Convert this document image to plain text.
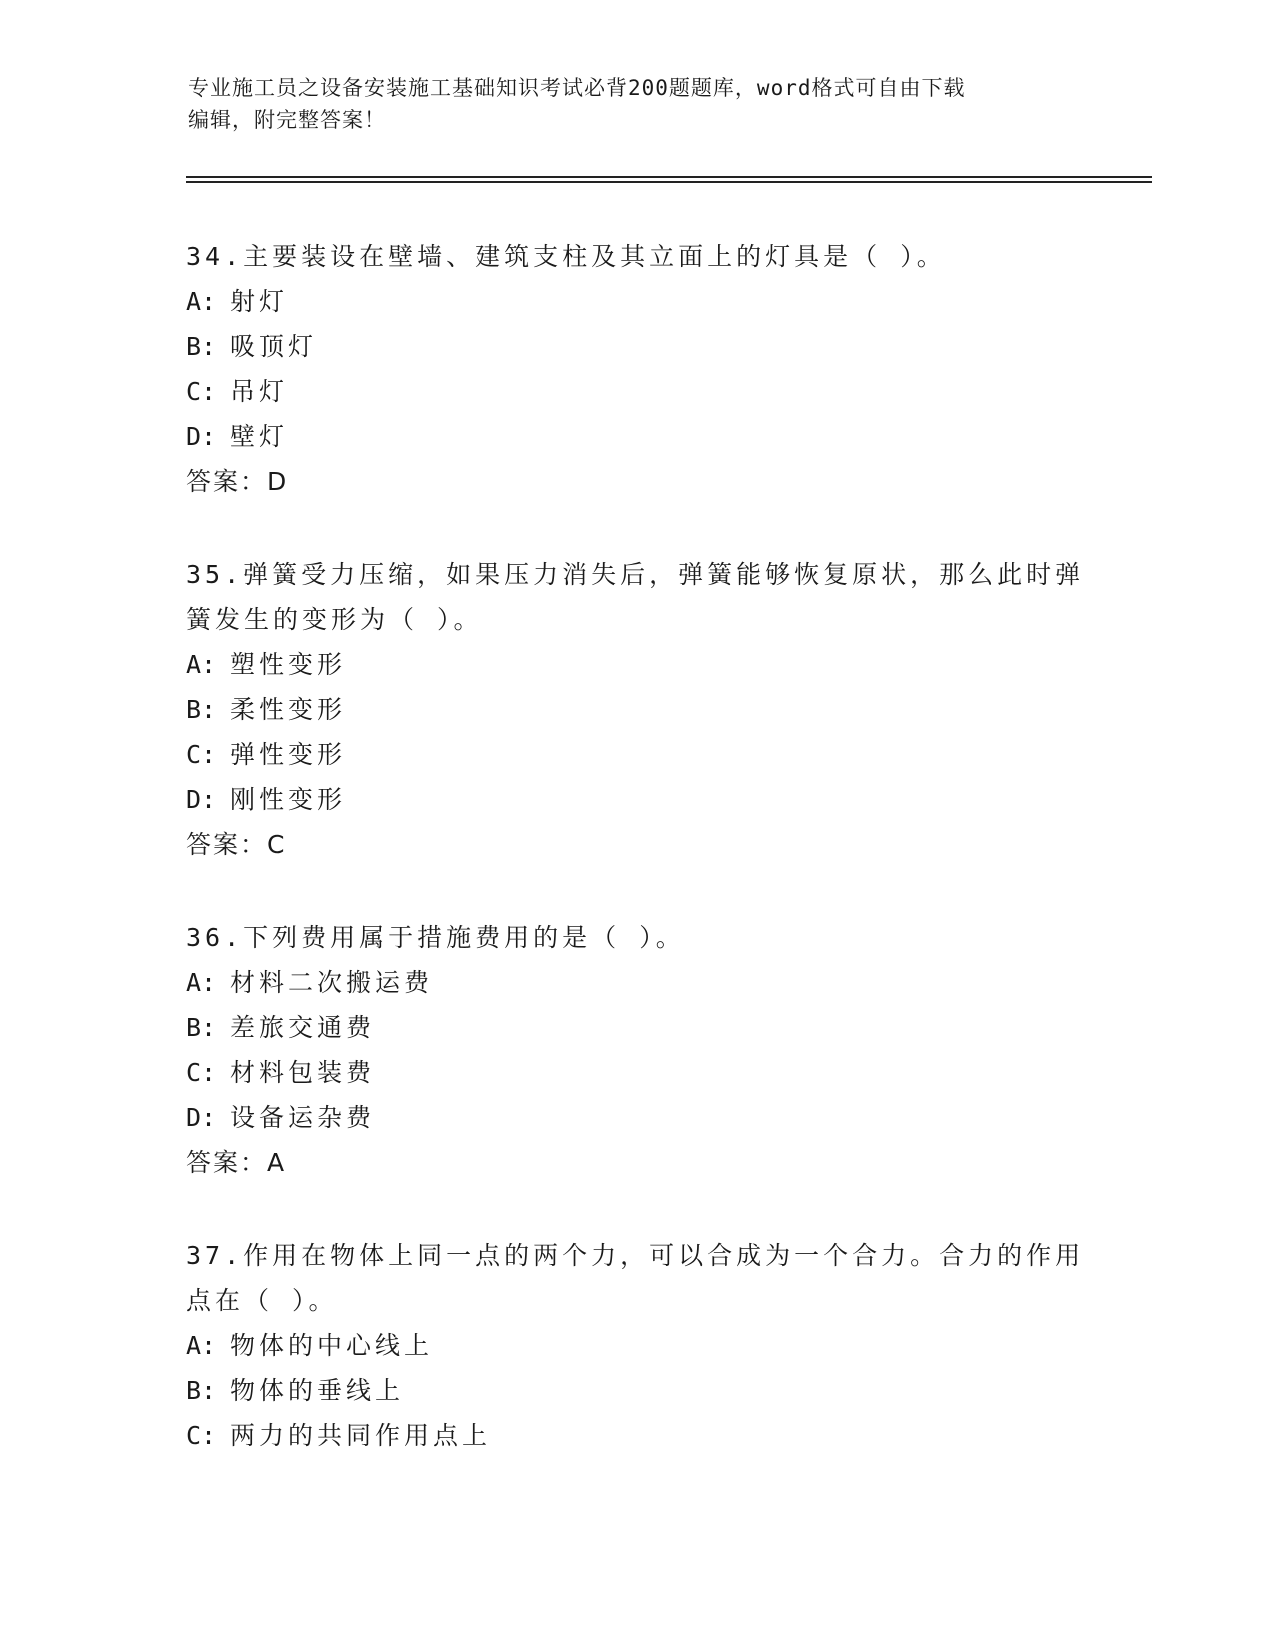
专业施工员之设备安装施工基础知识考试必背200题题库，word格式可自由下载
编辑，附完整答案！

34.主要装设在壁墙、建筑支柱及其立面上的灯具是（ ）。

A: 射灯

B: 吸顶灯

C: 吊灯

D: 壁灯

答案：D

35.弹簧受力压缩，如果压力消失后，弹簧能够恢复原状，那么此时弹

簧发生的变形为（ ）。

A: 塑性变形

B: 柔性变形

C: 弹性变形

D: 刚性变形

答案：C

36.下列费用属于措施费用的是（ ）。

A: 材料二次搬运费

B: 差旅交通费

C: 材料包装费

D: 设备运杂费

答案：A

37.作用在物体上同一点的两个力，可以合成为一个合力。合力的作用

点在（ ）。

A: 物体的中心线上

B: 物体的垂线上

C: 两力的共同作用点上
